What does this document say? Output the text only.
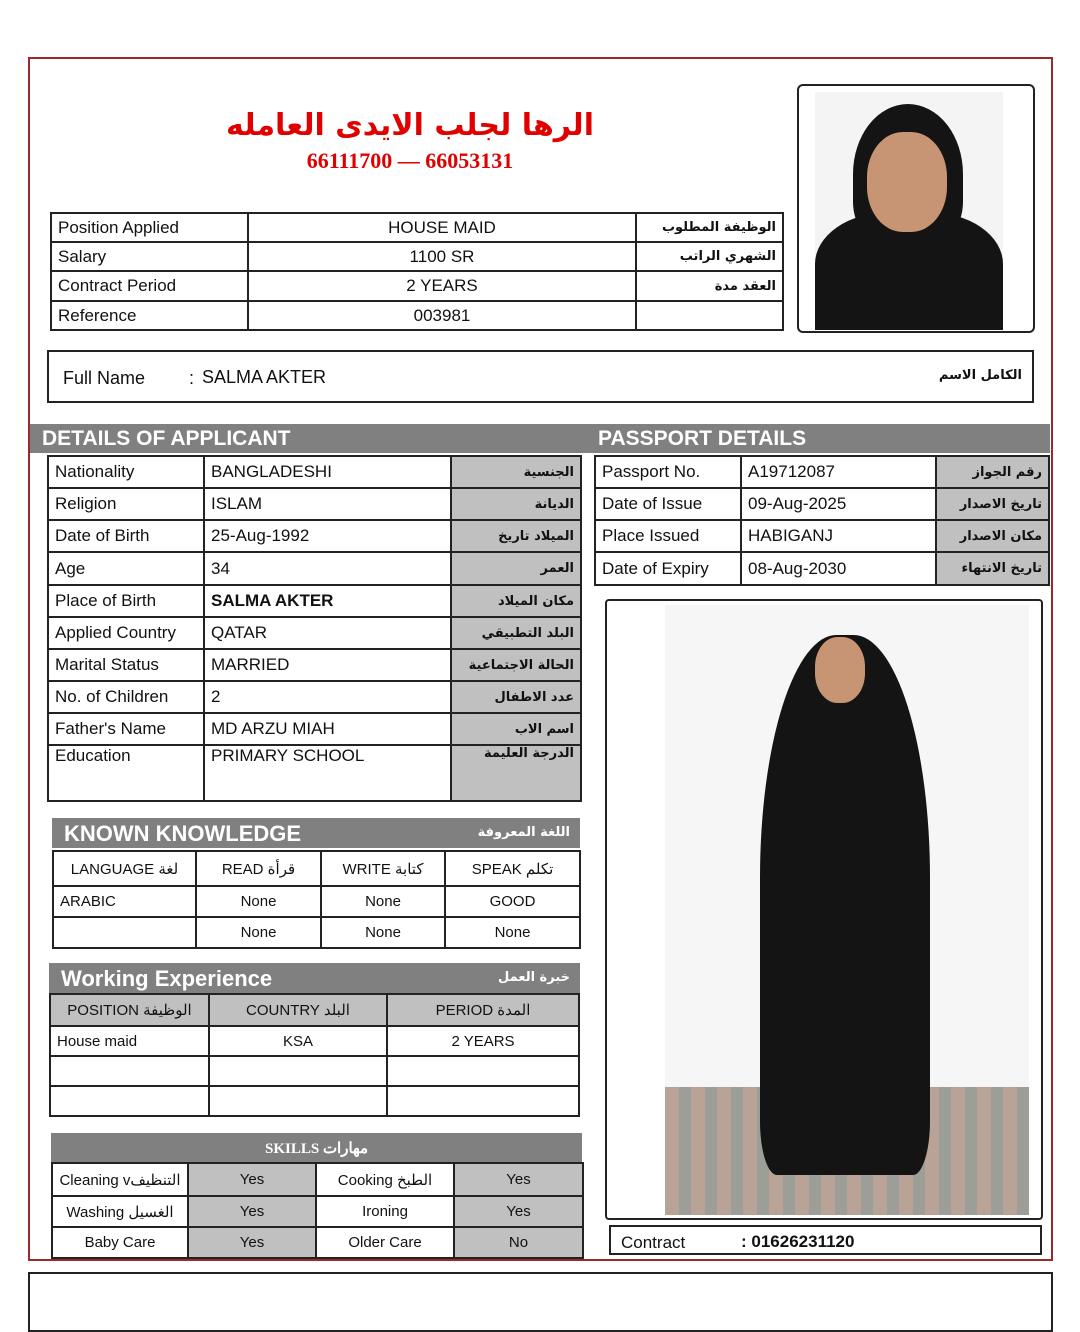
الرها لجلب الايدى العامله
66111700 — 66053131
Position Applied	HOUSE MAID	الوظيفة المطلوب
Salary	1100 SR	الشهري الراتب
Contract Period	2 YEARS	العقد مدة
Reference	003981	
Full Name : SALMA AKTER	الكامل الاسم
DETAILS OF APPLICANT	PASSPORT DETAILS
Nationality	BANGLADESHI	الجنسية
Religion	ISLAM	الديانة
Date of Birth	25-Aug-1992	الميلاد تاريخ
Age	34	العمر
Place of Birth	SALMA AKTER	مكان الميلاد
Applied Country	QATAR	البلد التطبيقي
Marital Status	MARRIED	الحالة الاجتماعية
No. of Children	2	عدد الاطفال
Father's Name	MD ARZU MIAH	اسم الاب
Education	PRIMARY SCHOOL	الدرجة العليمة
Passport No.	A19712087	رقم الجواز
Date of Issue	09-Aug-2025	تاريخ الاصدار
Place Issued	HABIGANJ	مكان الاصدار
Date of Expiry	08-Aug-2030	تاريخ الانتهاء
Contract	: 01626231120
KNOWN KNOWLEDGE	اللغة المعروفة
LANGUAGE لغة	READ قرأة	WRITE كتابة	SPEAK تكلم
ARABIC	None	None	GOOD
	None	None	None
Working Experience	خبرة العمل
POSITION الوظيفة	COUNTRY البلد	PERIOD المدة
House maid	KSA	2 YEARS

SKILLS مهارات
Cleaning vالتنظيف	Yes	Cooking الطبخ	Yes
Washing الغسيل	Yes	Ironing	Yes
Baby Care	Yes	Older Care	No
